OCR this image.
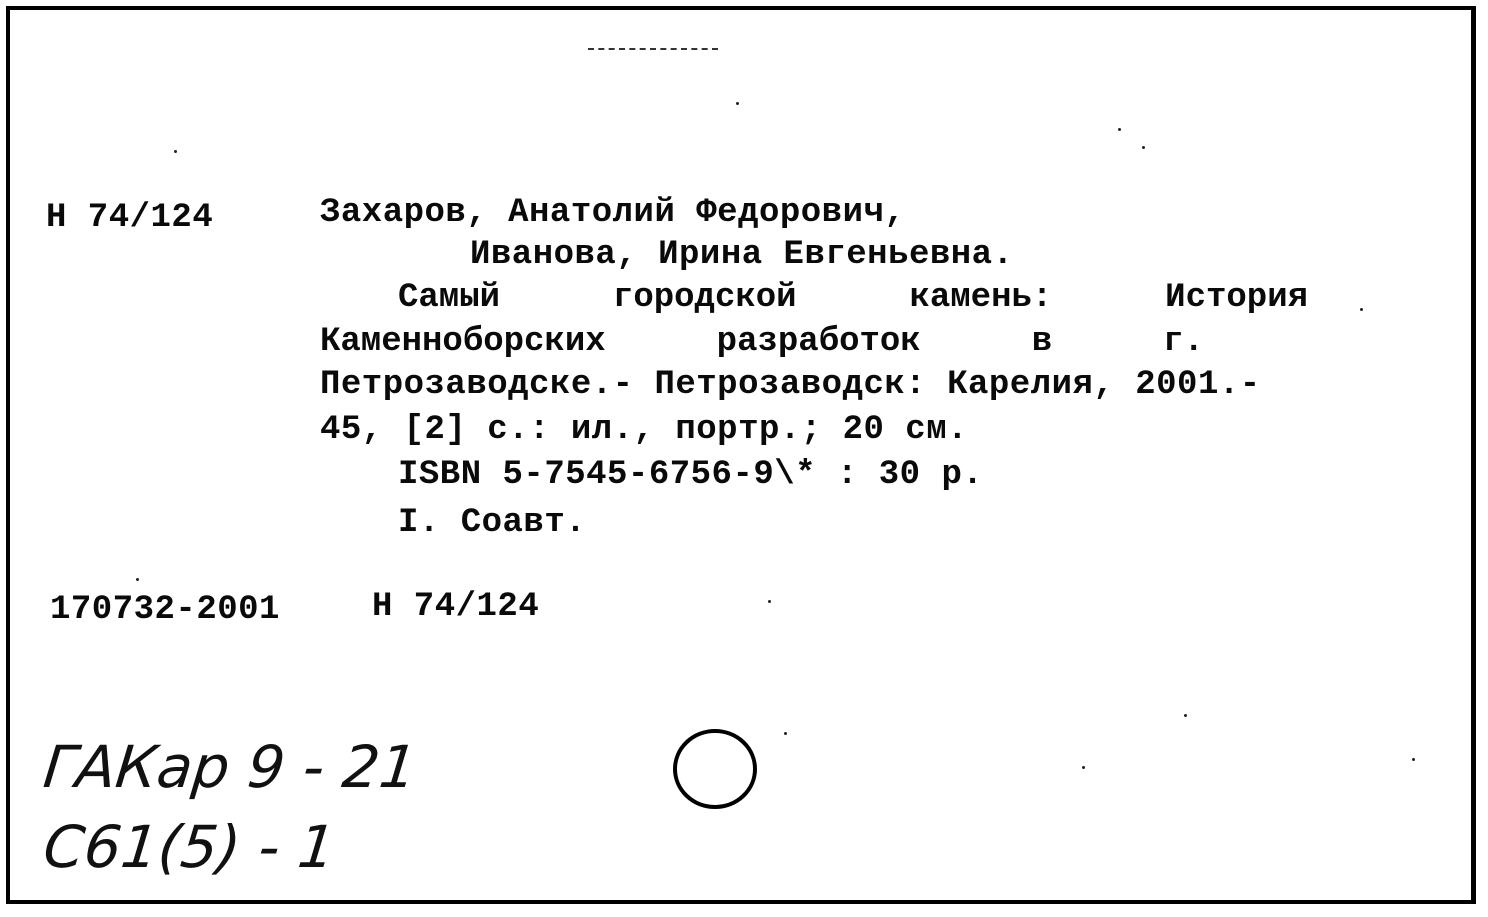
Н 74/124	Захаров, Анатолий Федорович,
Иванова, Ирина Евгеньевна.
Самый	городской	камень:	История
Каменноборских	разработок	в	г.
Петрозаводске.- Петрозаводск: Карелия, 2001.-
45, [2] с.: ил., портр.; 20 см.
ISBN 5-7545-6756-9\* : 30 р.
I. Соавт.
170732-2001	Н 74/124
ГАКар 9 - 21
С61(5) - 1
